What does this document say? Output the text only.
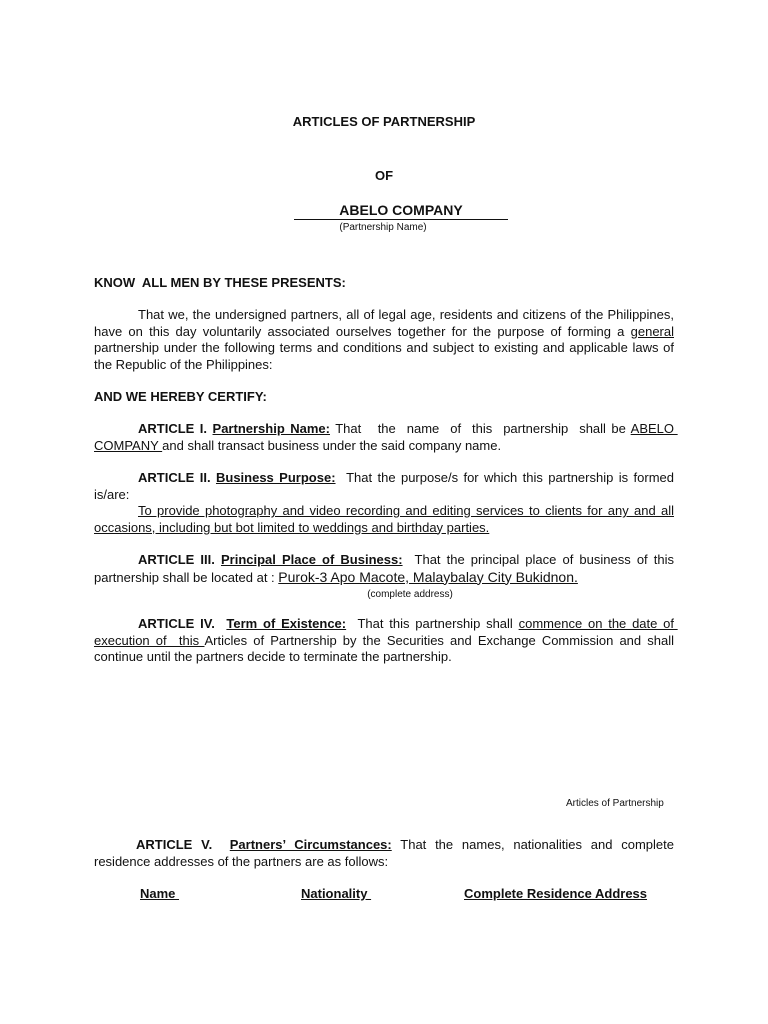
ARTICLES OF PARTNERSHIP
OF
ABELO COMPANY
(Partnership Name)
KNOW  ALL MEN BY THESE PRESENTS:
That we, the undersigned partners, all of legal age, residents and citizens of the Philippines, have on this day voluntarily associated ourselves together for the purpose of forming a general partnership under the following terms and conditions and subject to existing and applicable laws of the Republic of the Philippines:
AND WE HEREBY CERTIFY:
ARTICLE I. Partnership Name: That   the  name  of  this  partnership  shall be ABELO COMPANY and shall transact business under the said company name.
ARTICLE II. Business Purpose:  That the purpose/s for which this partnership is formed is/are:
To provide photography and video recording and editing services to clients for any and all occasions, including but bot limited to weddings and birthday parties.
ARTICLE III. Principal Place of Business:  That the principal place of business of this partnership shall be located at : Purok-3 Apo Macote, Malaybalay City Bukidnon.
(complete address)
ARTICLE IV. Term of Existence:  That this partnership shall commence on the date of execution of  this Articles of Partnership by the Securities and Exchange Commission and shall continue until the partners decide to terminate the partnership.
Articles of Partnership
ARTICLE V. Partners’ Circumstances: That the names, nationalities and complete residence addresses of the partners are as follows:
Name	Nationality	Complete Residence Address
